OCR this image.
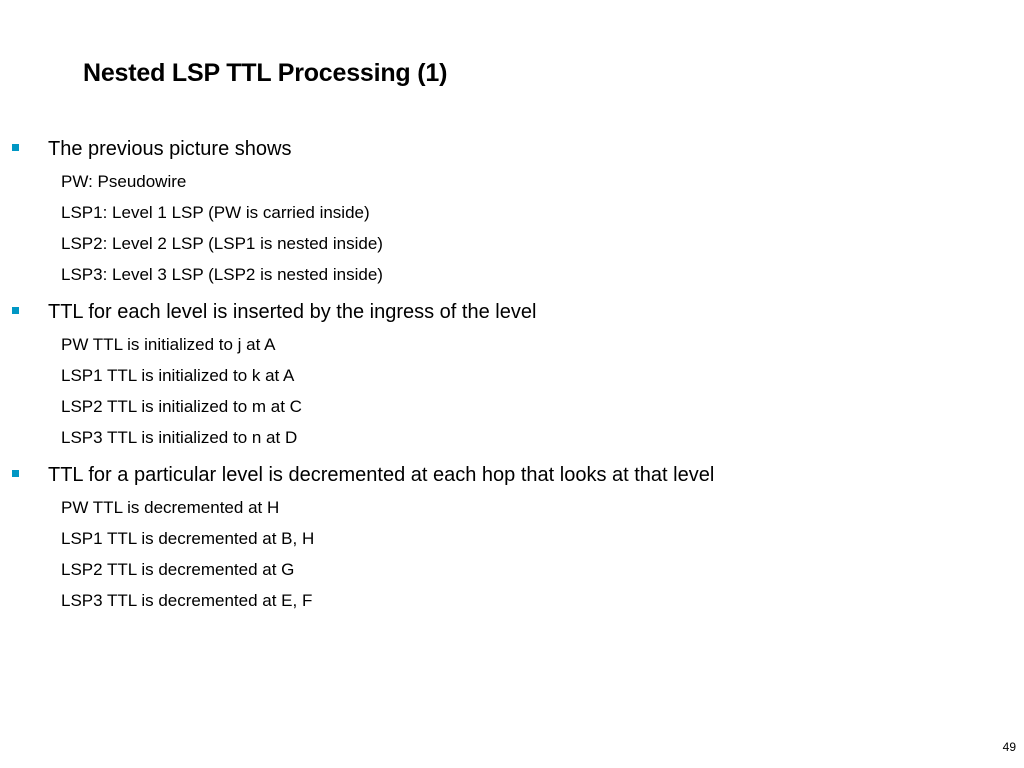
Nested LSP TTL Processing (1)
The previous picture shows
PW: Pseudowire
LSP1: Level 1 LSP (PW is carried inside)
LSP2: Level 2 LSP (LSP1 is nested inside)
LSP3: Level 3 LSP (LSP2 is nested inside)
TTL for each level is inserted by the ingress of the level
PW TTL is initialized to j at A
LSP1 TTL is initialized to k at A
LSP2 TTL is initialized to m at C
LSP3 TTL is initialized to n at D
TTL for a particular level is decremented at each hop that looks at that level
PW TTL is decremented at H
LSP1 TTL is decremented at B, H
LSP2 TTL is decremented at G
LSP3 TTL is decremented at E, F
49
